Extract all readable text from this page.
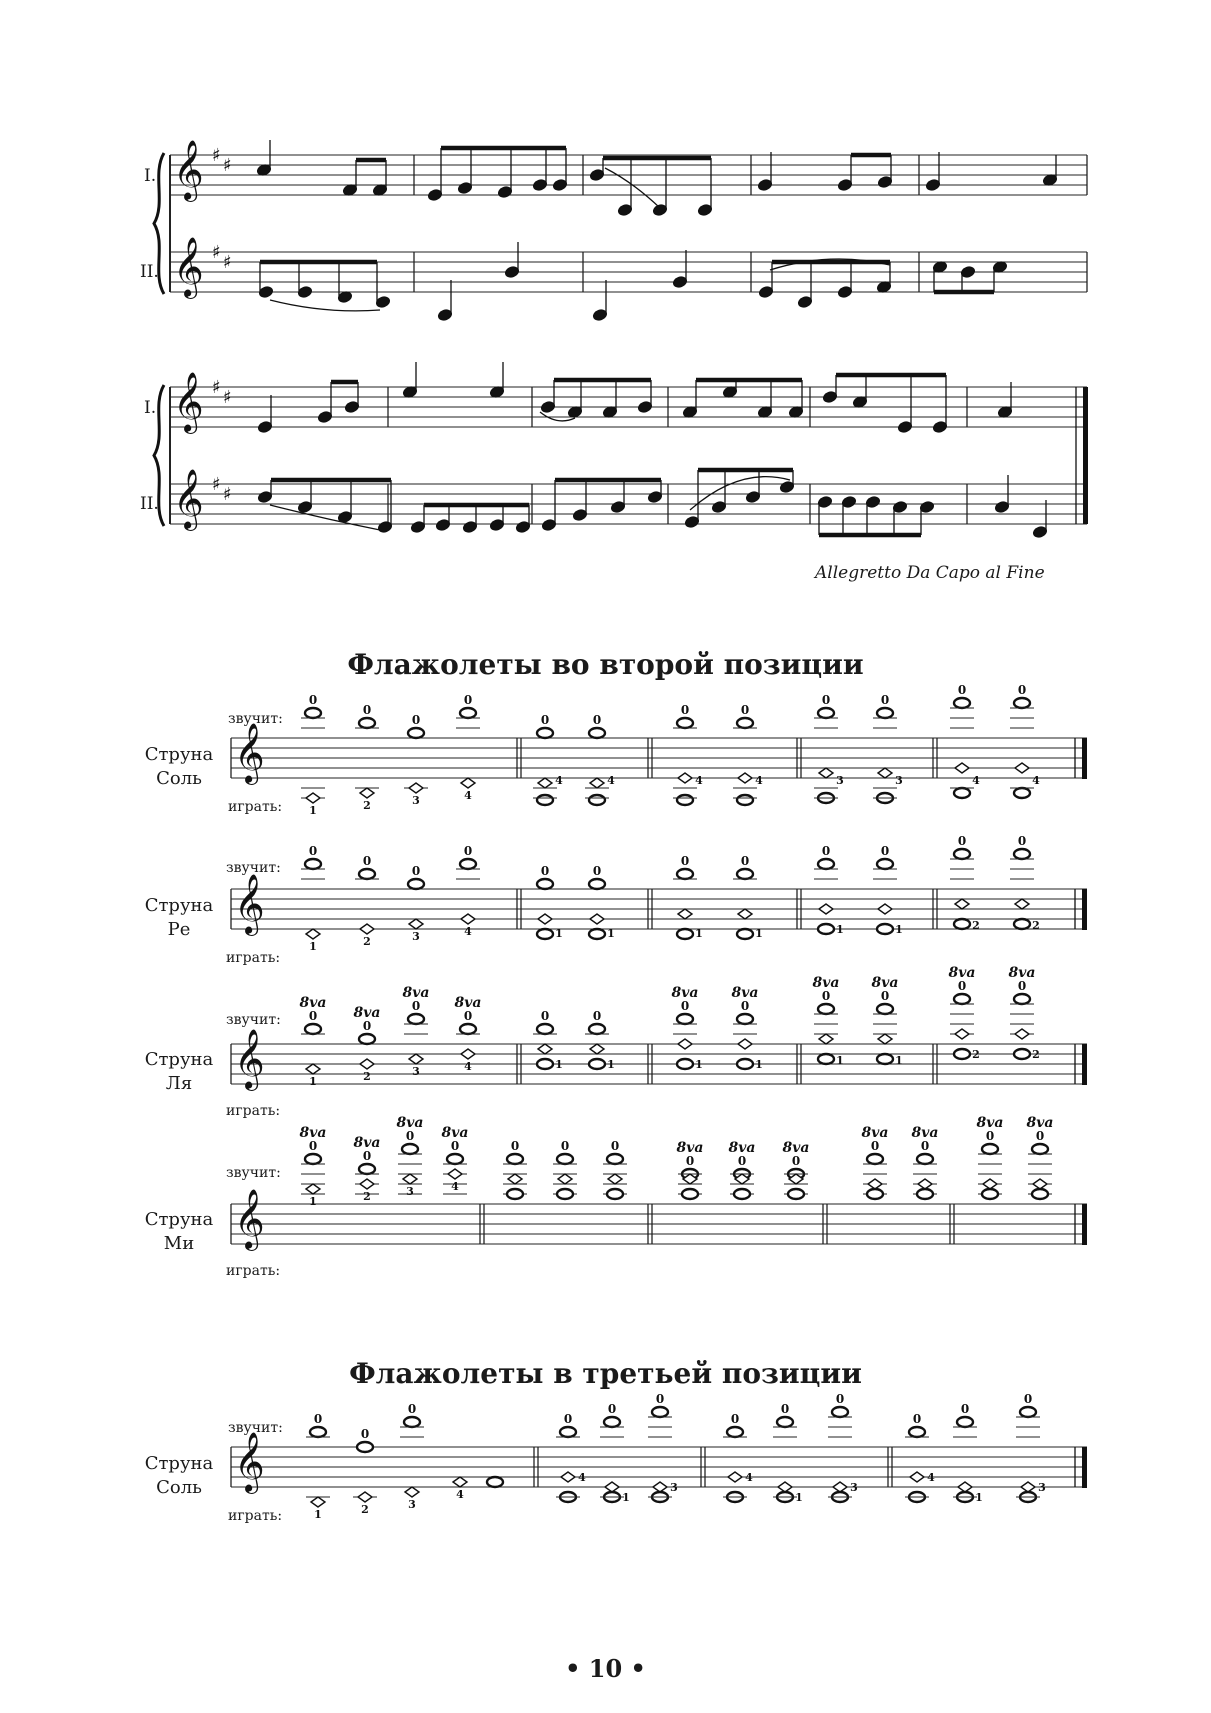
𝄞
𝄞
♯ ♯
♯ ♯
𝄞
𝄞
♯ ♯
♯ ♯
𝄞
0
1
0
2
0
3
0
4
0
4
0
4
0
4
0
4
0
3
0
3
0
4
0
4
𝄞
0
1
0
2
0
3
0
4
0
1
0
1
0
1
0
1
0
1
0
1
0
2
0
2
𝄞
0
8va
1
0
8va
2
0
8va
3
0
8va
4
0
1
0
1
0
8va
1
0
8va
1
0
8va
1
0
8va
1
0
8va
2
0
8va
2
𝄞
0
8va
1
0
8va
2
0
8va
3
0
8va
4
0	0	0
0
8va
0
8va
0
8va	0
8va
0
8va	0
8va
0
8va
𝄞
0
1
0
2
0
3
4
0
4
0
1
0
3
0
4
0
1
0
3
0
4
0
1
0
3
I.
II.
I.
II.
Allegretto Da Capo al Fine
Флажолеты во второй позиции
звучит:
Струна
Соль
играть:
звучит:
Струна
Ре
играть:
звучит:
Струна
Ля
играть:
звучит:
Струна
Ми
играть:
Флажолеты в третьей позиции
звучит:
Струна
Соль
играть:
• 10 •
